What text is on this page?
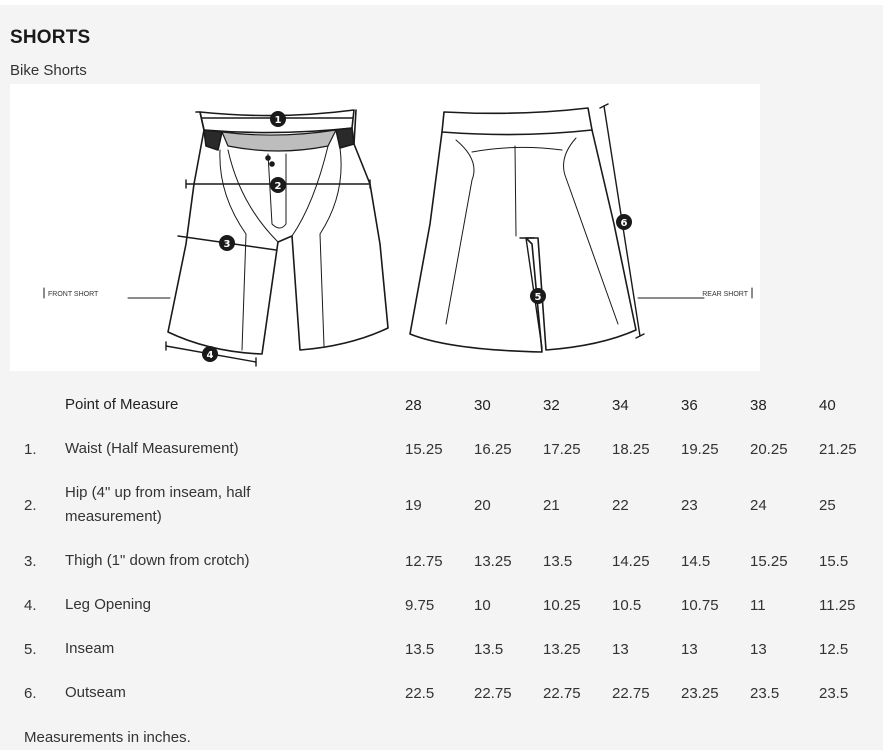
SHORTS
Bike Shorts
1
2
3
4
5
6
FRONT SHORT	REAR SHORT
	Point of Measure	28	30	32	34	36	38	40
1.	Waist (Half Measurement)	15.25	16.25	17.25	18.25	19.25	20.25	21.25
2.	Hip (4" up from inseam, half measurement)	19	20	21	22	23	24	25
3.	Thigh (1" down from crotch)	12.75	13.25	13.5	14.25	14.5	15.25	15.5
4.	Leg Opening	9.75	10	10.25	10.5	10.75	11	11.25
5.	Inseam	13.5	13.5	13.25	13	13	13	12.5
6.	Outseam	22.5	22.75	22.75	22.75	23.25	23.5	23.5
Measurements in inches.
